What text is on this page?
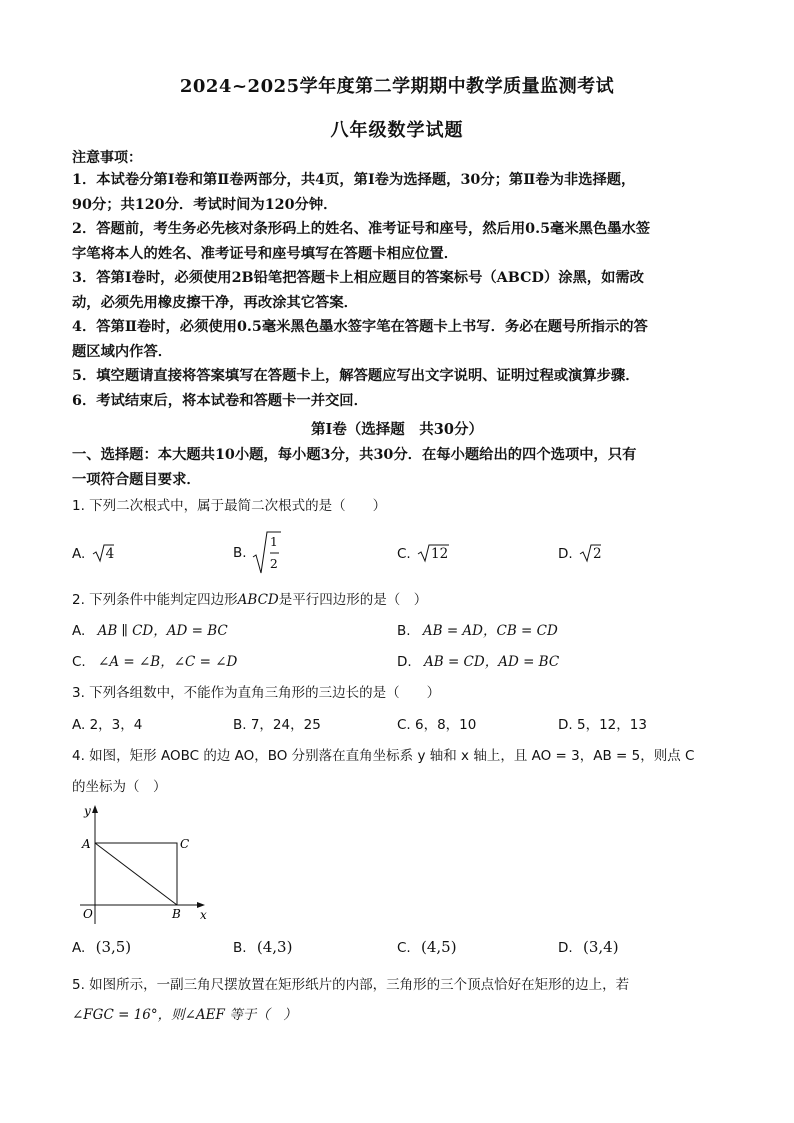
2024~2025学年度第二学期期中教学质量监测考试
八年级数学试题
注意事项：
1．本试卷分第Ⅰ卷和第Ⅱ卷两部分，共4页，第Ⅰ卷为选择题，30分；第Ⅱ卷为非选择题，
90分；共120分．考试时间为120分钟．
2．答题前，考生务必先核对条形码上的姓名、准考证号和座号，然后用0.5毫米黑色墨水签
字笔将本人的姓名、准考证号和座号填写在答题卡相应位置．
3．答第Ⅰ卷时，必须使用2B铅笔把答题卡上相应题目的答案标号（ABCD）涂黑，如需改
动，必须先用橡皮擦干净，再改涂其它答案．
4．答第Ⅱ卷时，必须使用0.5毫米黑色墨水签字笔在答题卡上书写．务必在题号所指示的答
题区域内作答．
5．填空题请直接将答案填写在答题卡上，解答题应写出文字说明、证明过程或演算步骤．
6．考试结束后，将本试卷和答题卡一并交回．
第Ⅰ卷（选择题　共30分）
一、选择题：本大题共10小题，每小题3分，共30分．在每小题给出的四个选项中，只有
一项符合题目要求．
1. 下列二次根式中，属于最简二次根式的是（　　）
A. 4	B.
1
2
C. 12	D. 2
2. 下列条件中能判定四边形ABCD是平行四边形的是（　）
A. AB ∥ CD，AD = BC	B. AB = AD，CB = CD
C. ∠A = ∠B，∠C = ∠D	D. AB = CD，AD = BC
3. 下列各组数中，不能作为直角三角形的三边长的是（　　）
A. 2，3，4	B. 7，24，25	C. 6，8，10	D. 5，12，13
4. 如图，矩形 AOBC 的边 AO，BO 分别落在直角坐标系 y 轴和 x 轴上，且 AO = 3，AB = 5，则点 C
的坐标为（　）
y
x
A	C
O	B
A. (3,5)	B. (4,3)	C. (4,5)	D. (3,4)
5. 如图所示，一副三角尺摆放置在矩形纸片的内部，三角形的三个顶点恰好在矩形的边上，若
∠FGC = 16°，则∠AEF 等于（　）
